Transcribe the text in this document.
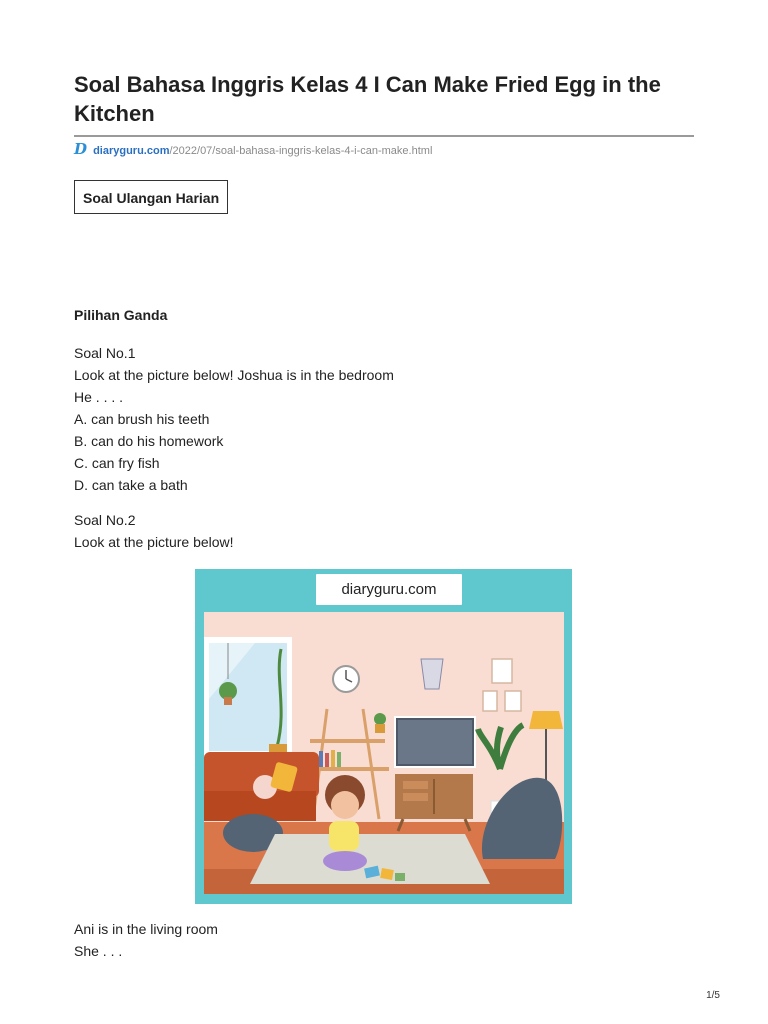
Soal Bahasa Inggris Kelas 4 I Can Make Fried Egg in the Kitchen
D diaryguru.com/2022/07/soal-bahasa-inggris-kelas-4-i-can-make.html
Soal Ulangan Harian
Pilihan Ganda
Soal No.1
Look at the picture below! Joshua is in the bedroom
He . . . .
A. can brush his teeth
B. can do his homework
C. can fry fish
D. can take a bath
Soal No.2
Look at the picture below!
diaryguru.com
Ani is in the living room
She . . .
1/5
